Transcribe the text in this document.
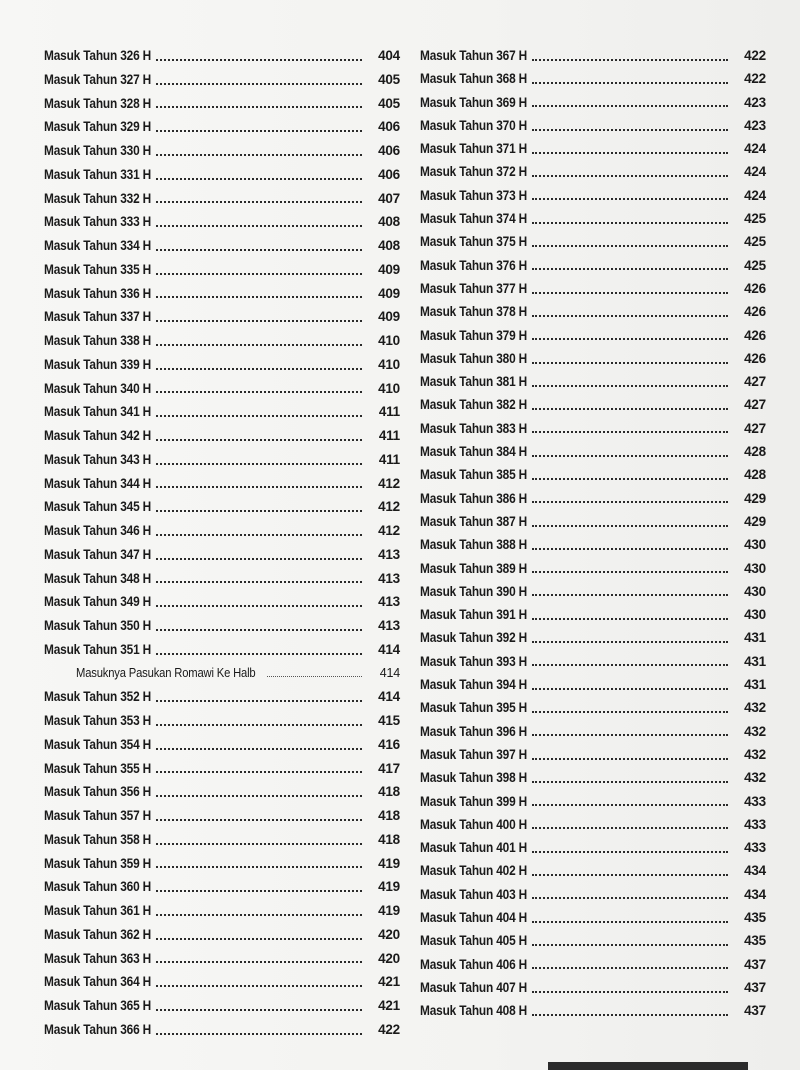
Masuk Tahun 326 H	404
Masuk Tahun 327 H	405
Masuk Tahun 328 H	405
Masuk Tahun 329 H	406
Masuk Tahun 330 H	406
Masuk Tahun 331 H	406
Masuk Tahun 332 H	407
Masuk Tahun 333 H	408
Masuk Tahun 334 H	408
Masuk Tahun 335 H	409
Masuk Tahun 336 H	409
Masuk Tahun 337 H	409
Masuk Tahun 338 H	410
Masuk Tahun 339 H	410
Masuk Tahun 340 H	410
Masuk Tahun 341 H	411
Masuk Tahun 342 H	411
Masuk Tahun 343 H	411
Masuk Tahun 344 H	412
Masuk Tahun 345 H	412
Masuk Tahun 346 H	412
Masuk Tahun 347 H	413
Masuk Tahun 348 H	413
Masuk Tahun 349 H	413
Masuk Tahun 350 H	413
Masuk Tahun 351 H	414
Masuknya Pasukan Romawi Ke Halb	414
Masuk Tahun 352 H	414
Masuk Tahun 353 H	415
Masuk Tahun 354 H	416
Masuk Tahun 355 H	417
Masuk Tahun 356 H	418
Masuk Tahun 357 H	418
Masuk Tahun 358 H	418
Masuk Tahun 359 H	419
Masuk Tahun 360 H	419
Masuk Tahun 361 H	419
Masuk Tahun 362 H	420
Masuk Tahun 363 H	420
Masuk Tahun 364 H	421
Masuk Tahun 365 H	421
Masuk Tahun 366 H	422
Masuk Tahun 367 H	422
Masuk Tahun 368 H	422
Masuk Tahun 369 H	423
Masuk Tahun 370 H	423
Masuk Tahun 371 H	424
Masuk Tahun 372 H	424
Masuk Tahun 373 H	424
Masuk Tahun 374 H	425
Masuk Tahun 375 H	425
Masuk Tahun 376 H	425
Masuk Tahun 377 H	426
Masuk Tahun 378 H	426
Masuk Tahun 379 H	426
Masuk Tahun 380 H	426
Masuk Tahun 381 H	427
Masuk Tahun 382 H	427
Masuk Tahun 383 H	427
Masuk Tahun 384 H	428
Masuk Tahun 385 H	428
Masuk Tahun 386 H	429
Masuk Tahun 387 H	429
Masuk Tahun 388 H	430
Masuk Tahun 389 H	430
Masuk Tahun 390 H	430
Masuk Tahun 391 H	430
Masuk Tahun 392 H	431
Masuk Tahun 393 H	431
Masuk Tahun 394 H	431
Masuk Tahun 395 H	432
Masuk Tahun 396 H	432
Masuk Tahun 397 H	432
Masuk Tahun 398 H	432
Masuk Tahun 399 H	433
Masuk Tahun 400 H	433
Masuk Tahun 401 H	433
Masuk Tahun 402 H	434
Masuk Tahun 403 H	434
Masuk Tahun 404 H	435
Masuk Tahun 405 H	435
Masuk Tahun 406 H	437
Masuk Tahun 407 H	437
Masuk Tahun 408 H	437
